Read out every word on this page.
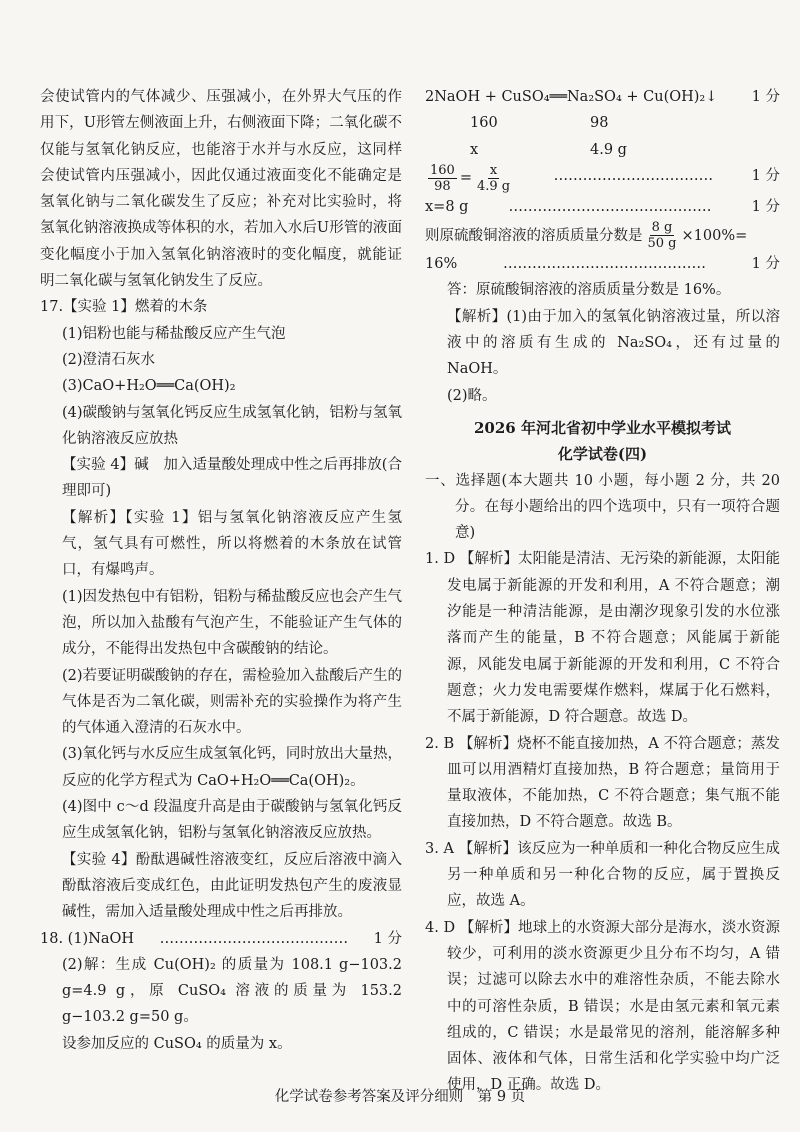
会使试管内的气体减少、压强减小，在外界大气压的作用下，U形管左侧液面上升，右侧液面下降；二氧化碳不仅能与氢氧化钠反应，也能溶于水并与水反应，这同样会使试管内压强减小，因此仅通过液面变化不能确定是氢氧化钠与二氧化碳发生了反应；补充对比实验时，将氢氧化钠溶液换成等体积的水，若加入水后U形管的液面变化幅度小于加入氢氧化钠溶液时的变化幅度，就能证明二氧化碳与氢氧化钠发生了反应。

17.【实验 1】燃着的木条

(1)铝粉也能与稀盐酸反应产生气泡

(2)澄清石灰水

(3)CaO+H₂O══Ca(OH)₂

(4)碳酸钠与氢氧化钙反应生成氢氧化钠，铝粉与氢氧化钠溶液反应放热

【实验 4】碱　加入适量酸处理成中性之后再排放(合理即可)

【解析】【实验 1】铝与氢氧化钠溶液反应产生氢气，氢气具有可燃性，所以将燃着的木条放在试管口，有爆鸣声。

(1)因发热包中有铝粉，铝粉与稀盐酸反应也会产生气泡，所以加入盐酸有气泡产生，不能验证产生气体的成分，不能得出发热包中含碳酸钠的结论。

(2)若要证明碳酸钠的存在，需检验加入盐酸后产生的气体是否为二氧化碳，则需补充的实验操作为将产生的气体通入澄清的石灰水中。

(3)氧化钙与水反应生成氢氧化钙，同时放出大量热，反应的化学方程式为 CaO+H₂O══Ca(OH)₂。

(4)图中 c～d 段温度升高是由于碳酸钠与氢氧化钙反应生成氢氧化钠，铝粉与氢氧化钠溶液反应放热。

【实验 4】酚酞遇碱性溶液变红，反应后溶液中滴入酚酞溶液后变成红色，由此证明发热包产生的废液显碱性，需加入适量酸处理成中性之后再排放。

18. (1)NaOH ………………………………… 1 分

(2)解：生成 Cu(OH)₂ 的质量为 108.1 g−103.2 g=4.9 g，原 CuSO₄ 溶液的质量为 153.2 g−103.2 g=50 g。

设参加反应的 CuSO₄ 的质量为 x。

2NaOH + CuSO₄══Na₂SO₄ + Cu(OH)₂↓ 1 分
160	98
x	4.9 g
$\frac{160}{98} = \frac{x}{4.9 g}$	……………………………	1 分
x=8 g	……………………………………	1 分
则原硫酸铜溶液的溶质质量分数是 $\frac{8 g}{50 g} \times 100\%=$
16%	……………………………………	1 分

答：原硫酸铜溶液的溶质质量分数是 16%。

【解析】(1)由于加入的氢氧化钠溶液过量，所以溶液中的溶质有生成的 Na₂SO₄，还有过量的 NaOH。

(2)略。

2026 年河北省初中学业水平模拟考试
化学试卷(四)

一、选择题(本大题共 10 小题，每小题 2 分，共 20 分。在每小题给出的四个选项中，只有一项符合题意)

1. D 【解析】太阳能是清洁、无污染的新能源，太阳能发电属于新能源的开发和利用，A 不符合题意；潮汐能是一种清洁能源，是由潮汐现象引发的水位涨落而产生的能量，B 不符合题意；风能属于新能源，风能发电属于新能源的开发和利用，C 不符合题意；火力发电需要煤作燃料，煤属于化石燃料，不属于新能源，D 符合题意。故选 D。

2. B 【解析】烧杯不能直接加热，A 不符合题意；蒸发皿可以用酒精灯直接加热，B 符合题意；量筒用于量取液体，不能加热，C 不符合题意；集气瓶不能直接加热，D 不符合题意。故选 B。

3. A 【解析】该反应为一种单质和一种化合物反应生成另一种单质和另一种化合物的反应，属于置换反应，故选 A。

4. D 【解析】地球上的水资源大部分是海水，淡水资源较少，可利用的淡水资源更少且分布不均匀，A 错误；过滤可以除去水中的难溶性杂质，不能去除水中的可溶性杂质，B 错误；水是由氢元素和氧元素组成的，C 错误；水是最常见的溶剂，能溶解多种固体、液体和气体，日常生活和化学实验中均广泛使用，D 正确。故选 D。

化学试卷参考答案及评分细则　第 9 页
